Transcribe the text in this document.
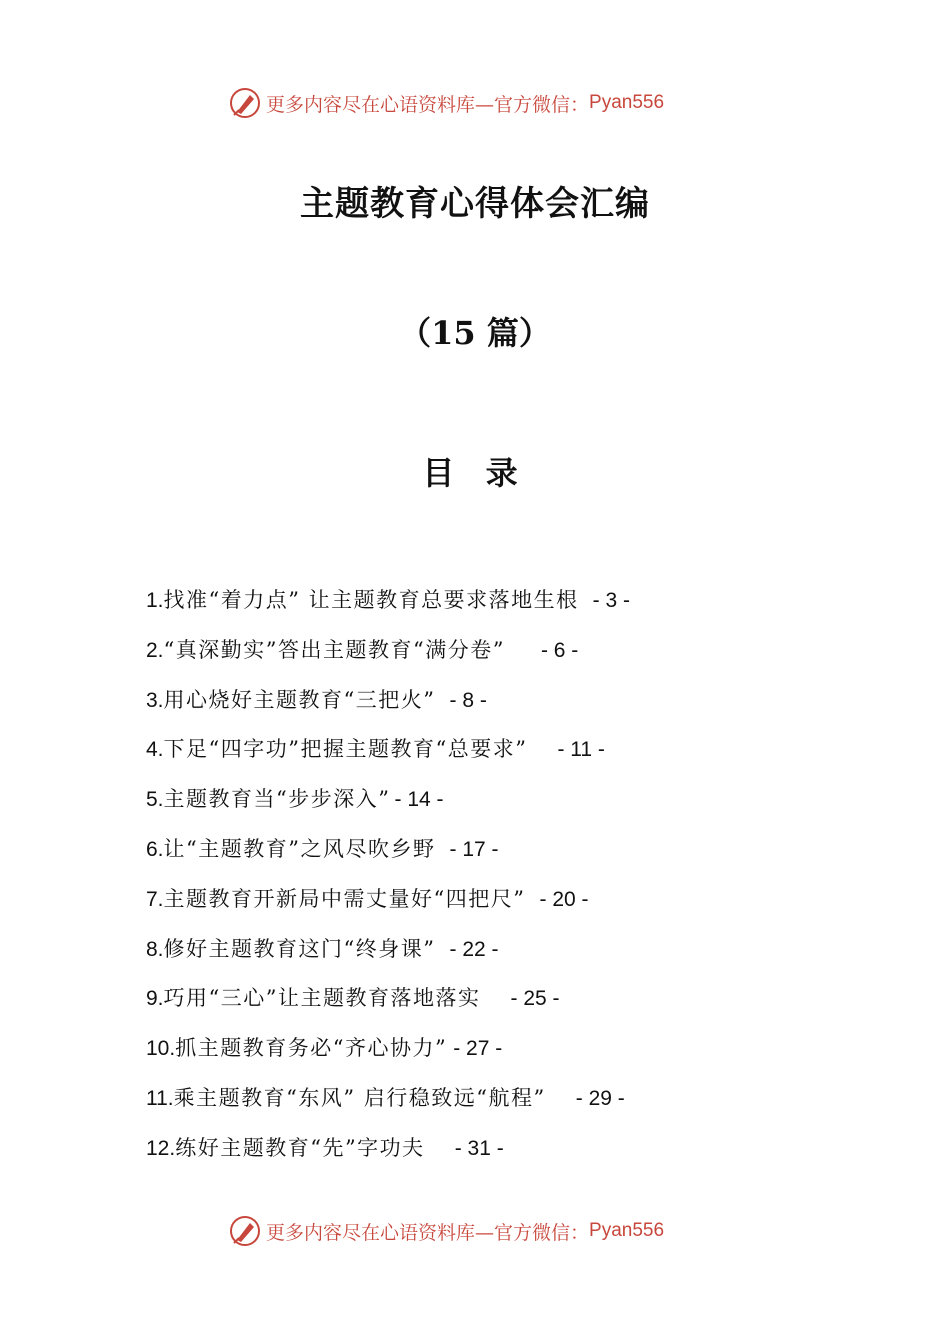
更多内容尽在心语资料库—官方微信： Pyan556
主题教育心得体会汇编
（15 篇）
目 录
1.找准“着力点” 让主题教育总要求落地生根 - 3 -
2.“真深勤实”答出主题教育“满分卷” - 6 -
3.用心烧好主题教育“三把火” - 8 -
4.下足“四字功”把握主题教育“总要求” - 11 -
5.主题教育当“步步深入” - 14 -
6.让“主题教育”之风尽吹乡野 - 17 -
7.主题教育开新局中需丈量好“四把尺” - 20 -
8.修好主题教育这门“终身课” - 22 -
9.巧用“三心”让主题教育落地落实 - 25 -
10.抓主题教育务必“齐心协力” - 27 -
11.乘主题教育“东风” 启行稳致远“航程” - 29 -
12.练好主题教育“先”字功夫 - 31 -
更多内容尽在心语资料库—官方微信： Pyan556
